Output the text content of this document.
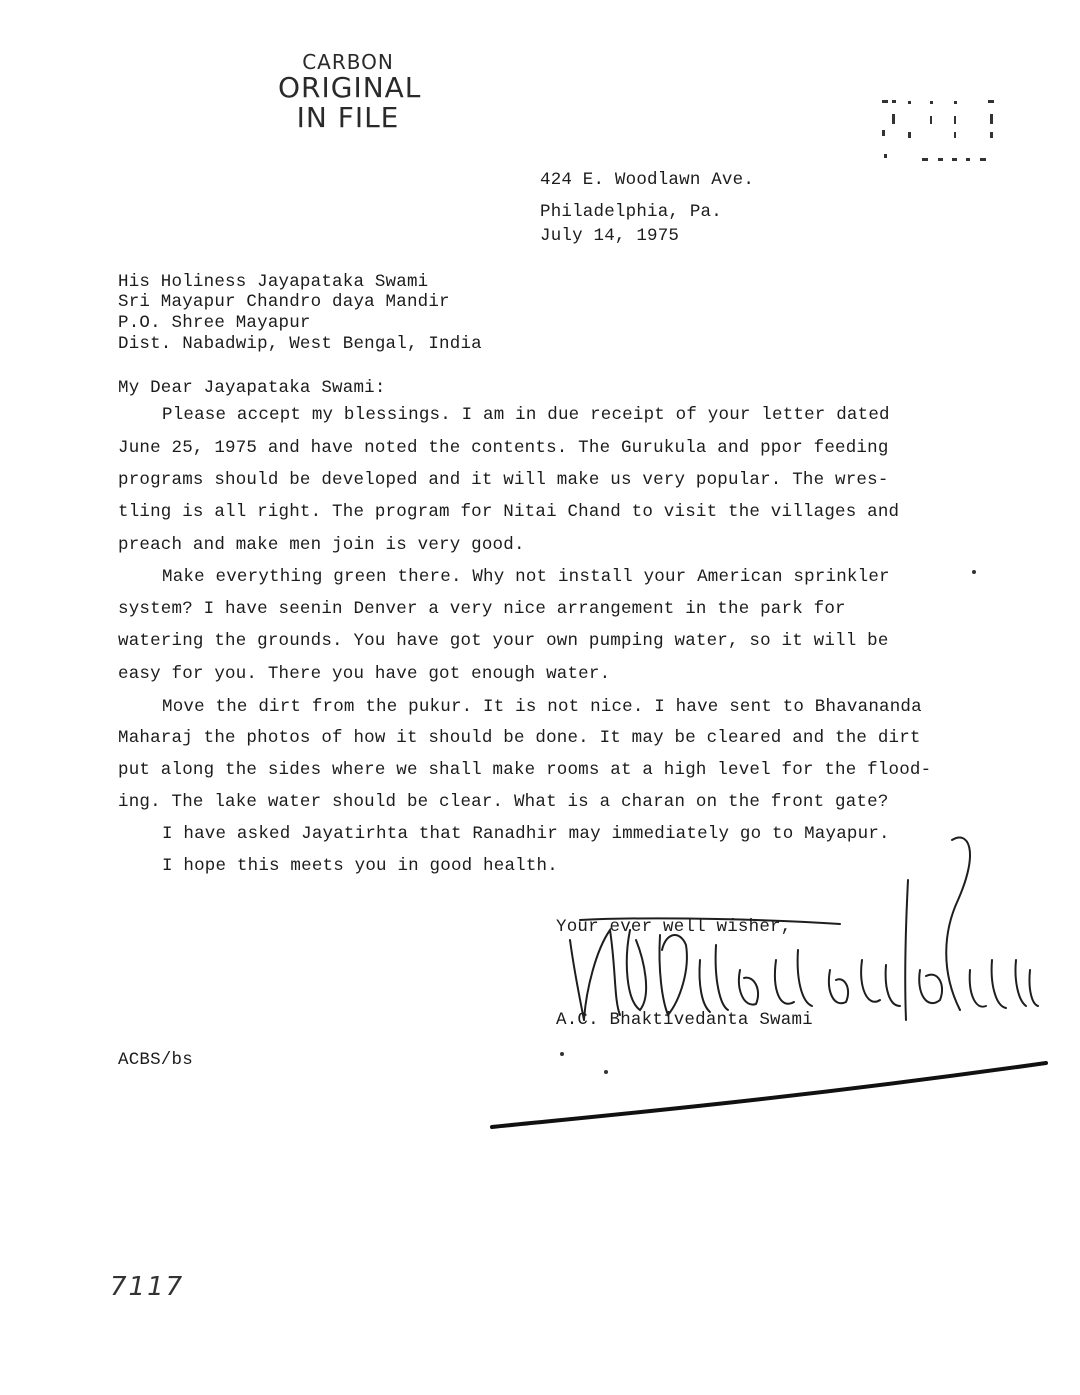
CARBON
ORIGINAL
IN FILE
424 E. Woodlawn Ave.
Philadelphia, Pa.
July 14, 1975
His Holiness Jayapataka Swami
Sri Mayapur Chandro daya Mandir
P.O. Shree Mayapur
Dist. Nabadwip, West Bengal, India
My Dear Jayapataka Swami:
Please accept my blessings. I am in due receipt of your letter dated
June 25, 1975 and have noted the contents. The Gurukula and ppor feeding
programs should be developed and it will make us very popular. The wres-
tling is all right. The program for Nitai Chand to visit the villages and
preach and make men join is very good.
Make everything green there. Why not install your American sprinkler
system? I have seenin Denver a very nice arrangement in the park for
watering the grounds. You have got your own pumping water, so it will be
easy for you. There you have got enough water.
Move the dirt from the pukur. It is not nice. I have sent to Bhavananda
Maharaj the photos of how it should be done. It may be cleared and the dirt
put along the sides where we shall make rooms at a high level for the flood-
ing. The lake water should be clear. What is a charan on the front gate?
I have asked Jayatirhta that Ranadhir may immediately go to Mayapur.
I hope this meets you in good health.
Your ever well wisher,
A.C. Bhaktivedanta Swami
ACBS/bs
7117
